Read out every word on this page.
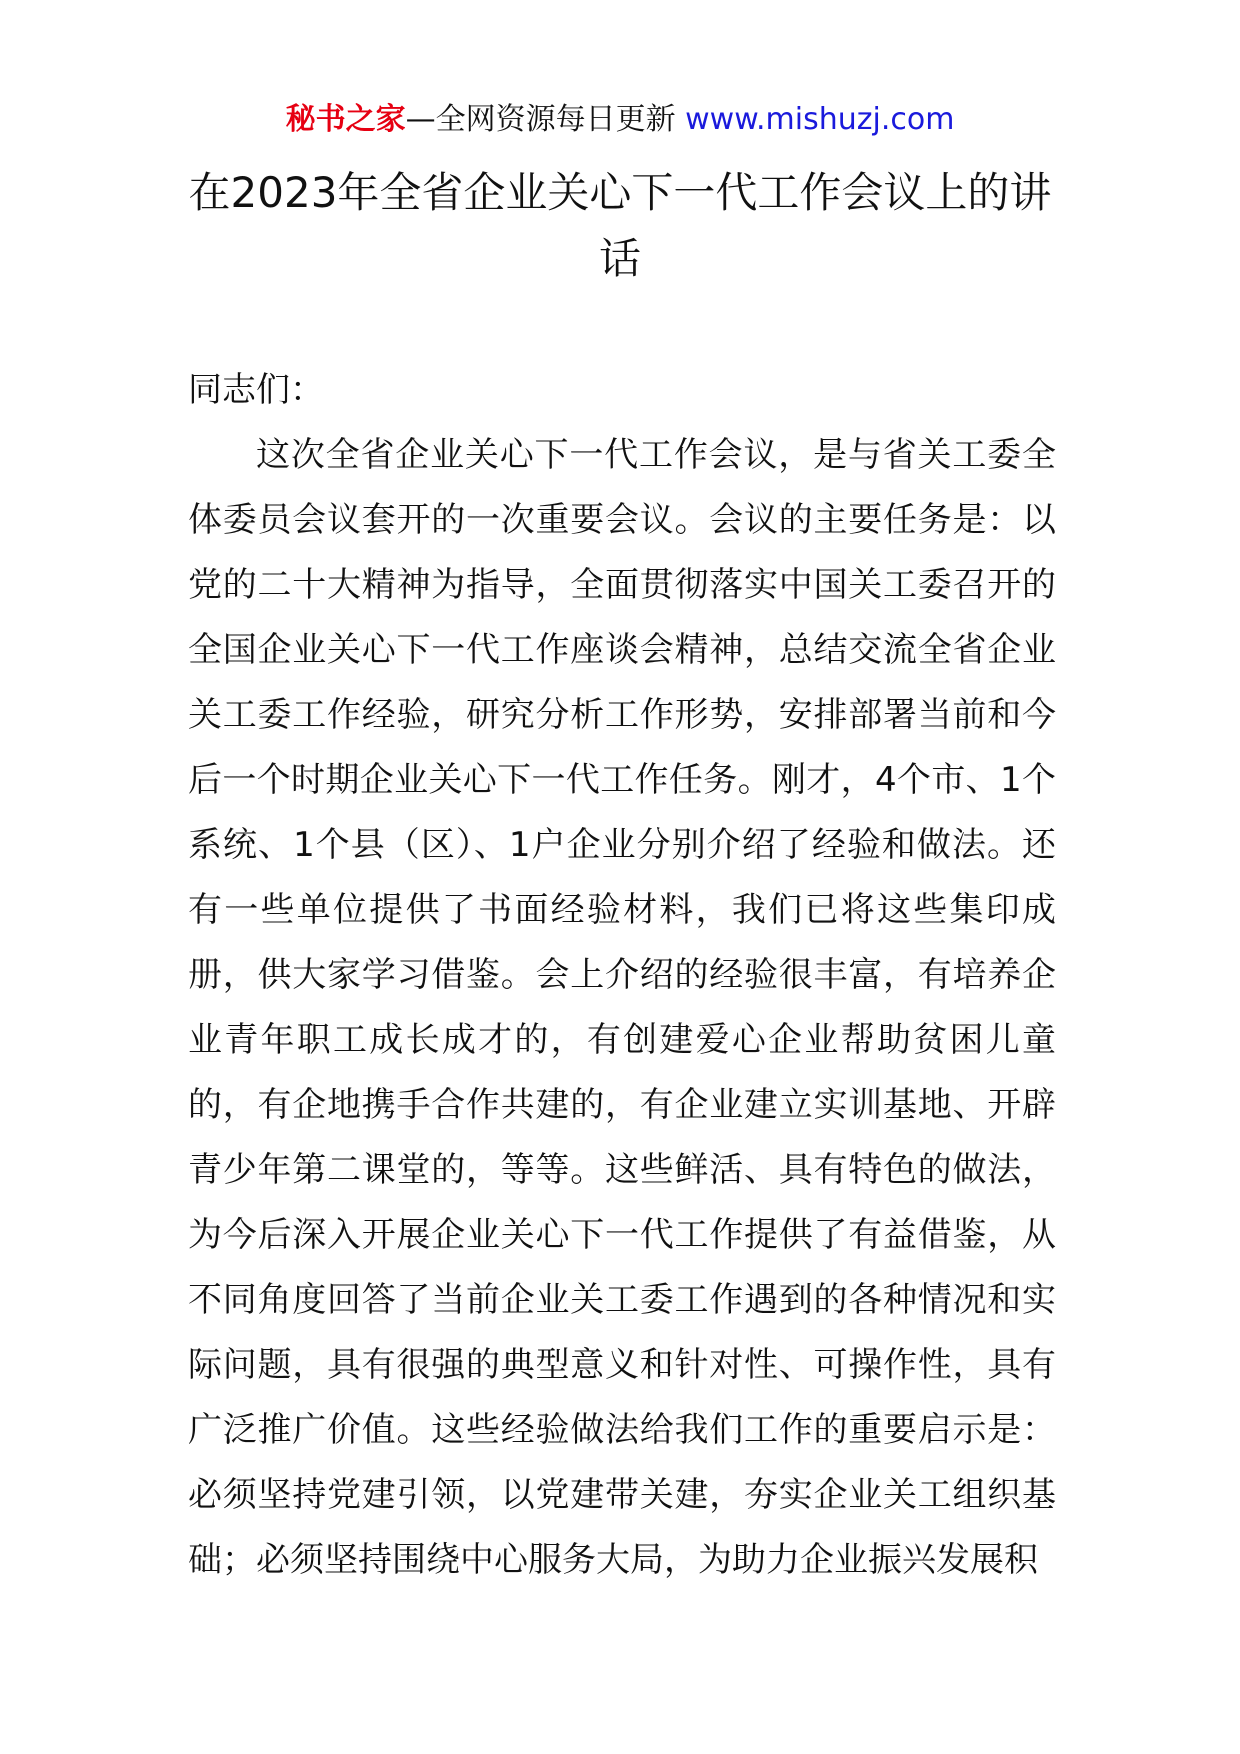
秘书之家—全网资源每日更新 www.mishuzj.com
在2023年全省企业关心下一代工作会议上的讲话

同志们：

这次全省企业关心下一代工作会议，是与省关工委全体委员会议套开的一次重要会议。会议的主要任务是：以党的二十大精神为指导，全面贯彻落实中国关工委召开的全国企业关心下一代工作座谈会精神，总结交流全省企业关工委工作经验，研究分析工作形势，安排部署当前和今后一个时期企业关心下一代工作任务。刚才，4个市、1个系统、1个县（区）、1户企业分别介绍了经验和做法。还有一些单位提供了书面经验材料，我们已将这些集印成册，供大家学习借鉴。会上介绍的经验很丰富，有培养企业青年职工成长成才的，有创建爱心企业帮助贫困儿童的，有企地携手合作共建的，有企业建立实训基地、开辟青少年第二课堂的，等等。这些鲜活、具有特色的做法，为今后深入开展企业关心下一代工作提供了有益借鉴，从不同角度回答了当前企业关工委工作遇到的各种情况和实际问题，具有很强的典型意义和针对性、可操作性，具有广泛推广价值。这些经验做法给我们工作的重要启示是：必须坚持党建引领，以党建带关建，夯实企业关工组织基础；必须坚持围绕中心服务大局，为助力企业振兴发展积
